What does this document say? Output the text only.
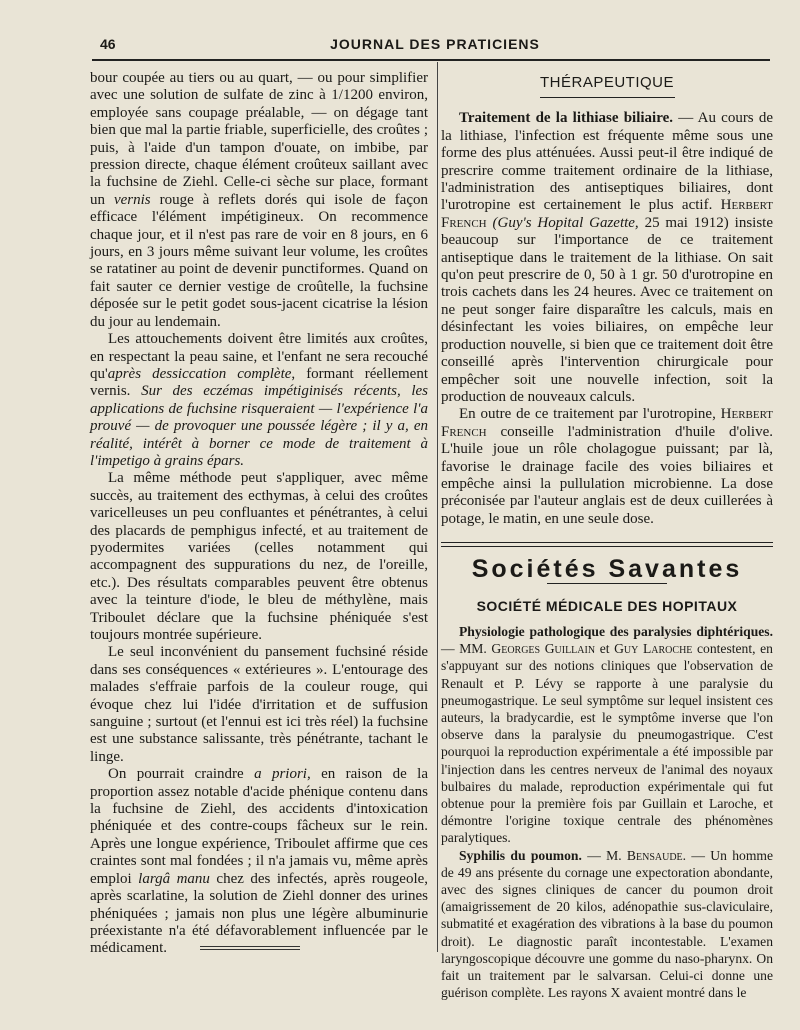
46	JOURNAL DES PRATICIENS

bour coupée au tiers ou au quart, — ou pour simplifier avec une solution de sulfate de zinc à 1/1200 environ, employée sans coupage préalable, — on dégage tant bien que mal la partie friable, superficielle, des croûtes ; puis, à l'aide d'un tampon d'ouate, on imbibe, par pression directe, chaque élément croûteux saillant avec la fuchsine de Ziehl. Celle-ci sèche sur place, formant un vernis rouge à reflets dorés qui isole de façon efficace l'élément impétigineux. On recommence chaque jour, et il n'est pas rare de voir en 8 jours, en 6 jours, en 3 jours même suivant leur volume, les croûtes se ratatiner au point de devenir punctiformes. Quand on fait sauter ce dernier vestige de croûtelle, la fuchsine déposée sur le petit godet sous-jacent cicatrise la lésion du jour au lendemain.

Les attouchements doivent être limités aux croûtes, en respectant la peau saine, et l'enfant ne sera recouché qu'après dessiccation complète, formant réellement vernis. Sur des eczémas impétiginisés récents, les applications de fuchsine risqueraient — l'expérience l'a prouvé — de provoquer une poussée légère ; il y a, en réalité, intérêt à borner ce mode de traitement à l'impetigo à grains épars.

La même méthode peut s'appliquer, avec même succès, au traitement des ecthymas, à celui des croûtes varicelleuses un peu confluantes et pénétrantes, à celui des placards de pemphigus infecté, et au traitement de pyodermites variées (celles notamment qui accompagnent des suppurations du nez, de l'oreille, etc.). Des résultats comparables peuvent être obtenus avec la teinture d'iode, le bleu de méthylène, mais Triboulet déclare que la fuchsine phéniquée s'est toujours montrée supérieure.

Le seul inconvénient du pansement fuchsiné réside dans ses conséquences « extérieures ». L'entourage des malades s'effraie parfois de la couleur rouge, qui évoque chez lui l'idée d'irritation et de suffusion sanguine ; surtout (et l'ennui est ici très réel) la fuchsine est une substance salissante, très pénétrante, tachant le linge.

On pourrait craindre a priori, en raison de la proportion assez notable d'acide phénique contenu dans la fuchsine de Ziehl, des accidents d'intoxication phéniquée et des contre-coups fâcheux sur le rein. Après une longue expérience, Triboulet affirme que ces craintes sont mal fondées ; il n'a jamais vu, même après emploi largâ manu chez des infectés, après rougeole, après scarlatine, la solution de Ziehl donner des urines phéniquées ; jamais non plus une légère albuminurie préexistante n'a été défavorablement influencée par le médicament.

THÉRAPEUTIQUE

Traitement de la lithiase biliaire. — Au cours de la lithiase, l'infection est fréquente même sous une forme des plus atténuées. Aussi peut-il être indiqué de prescrire comme traitement ordinaire de la lithiase, l'administration des antiseptiques biliaires, dont l'urotropine est certainement le plus actif. Herbert French (Guy's Hopital Gazette, 25 mai 1912) insiste beaucoup sur l'importance de ce traitement antiseptique dans le traitement de la lithiase. On sait qu'on peut prescrire de 0, 50 à 1 gr. 50 d'urotropine en trois cachets dans les 24 heures. Avec ce traitement on ne peut songer faire disparaître les calculs, mais en désinfectant les voies biliaires, on empêche leur production nouvelle, si bien que ce traitement doit être conseillé après l'intervention chirurgicale pour empêcher soit une nouvelle infection, soit la production de nouveaux calculs.

En outre de ce traitement par l'urotropine, Herbert French conseille l'administration d'huile d'olive. L'huile joue un rôle cholagogue puissant; par là, favorise le drainage facile des voies biliaires et empêche ainsi la pullulation microbienne. La dose préconisée par l'auteur anglais est de deux cuillerées à potage, le matin, en une seule dose.

Sociétés Savantes
SOCIÉTÉ MÉDICALE DES HOPITAUX

Physiologie pathologique des paralysies diphtériques. — MM. Georges Guillain et Guy Laroche contestent, en s'appuyant sur des notions cliniques que l'observation de Renault et P. Lévy se rapporte à une paralysie du pneumogastrique. Le seul symptôme sur lequel insistent ces auteurs, la bradycardie, est le symptôme inverse que l'on observe dans la paralysie du pneumogastrique. C'est pourquoi la reproduction expérimentale a été impossible par l'injection dans les centres nerveux de l'animal des noyaux bulbaires du malade, reproduction expérimentale qui fut obtenue pour la première fois par Guillain et Laroche, et démontre l'origine toxique centrale des phénomènes paralytiques.

Syphilis du poumon. — M. Bensaude. — Un homme de 49 ans présente du cornage une expectoration abondante, avec des signes cliniques de cancer du poumon droit (amaigrissement de 20 kilos, adénopathie sus-claviculaire, submatité et exagération des vibrations à la base du poumon droit). Le diagnostic paraît incontestable. L'examen laryngoscopique découvre une gomme du naso-pharynx. On fait un traitement par le salvarsan. Celui-ci donne une guérison complète. Les rayons X avaient montré dans le
